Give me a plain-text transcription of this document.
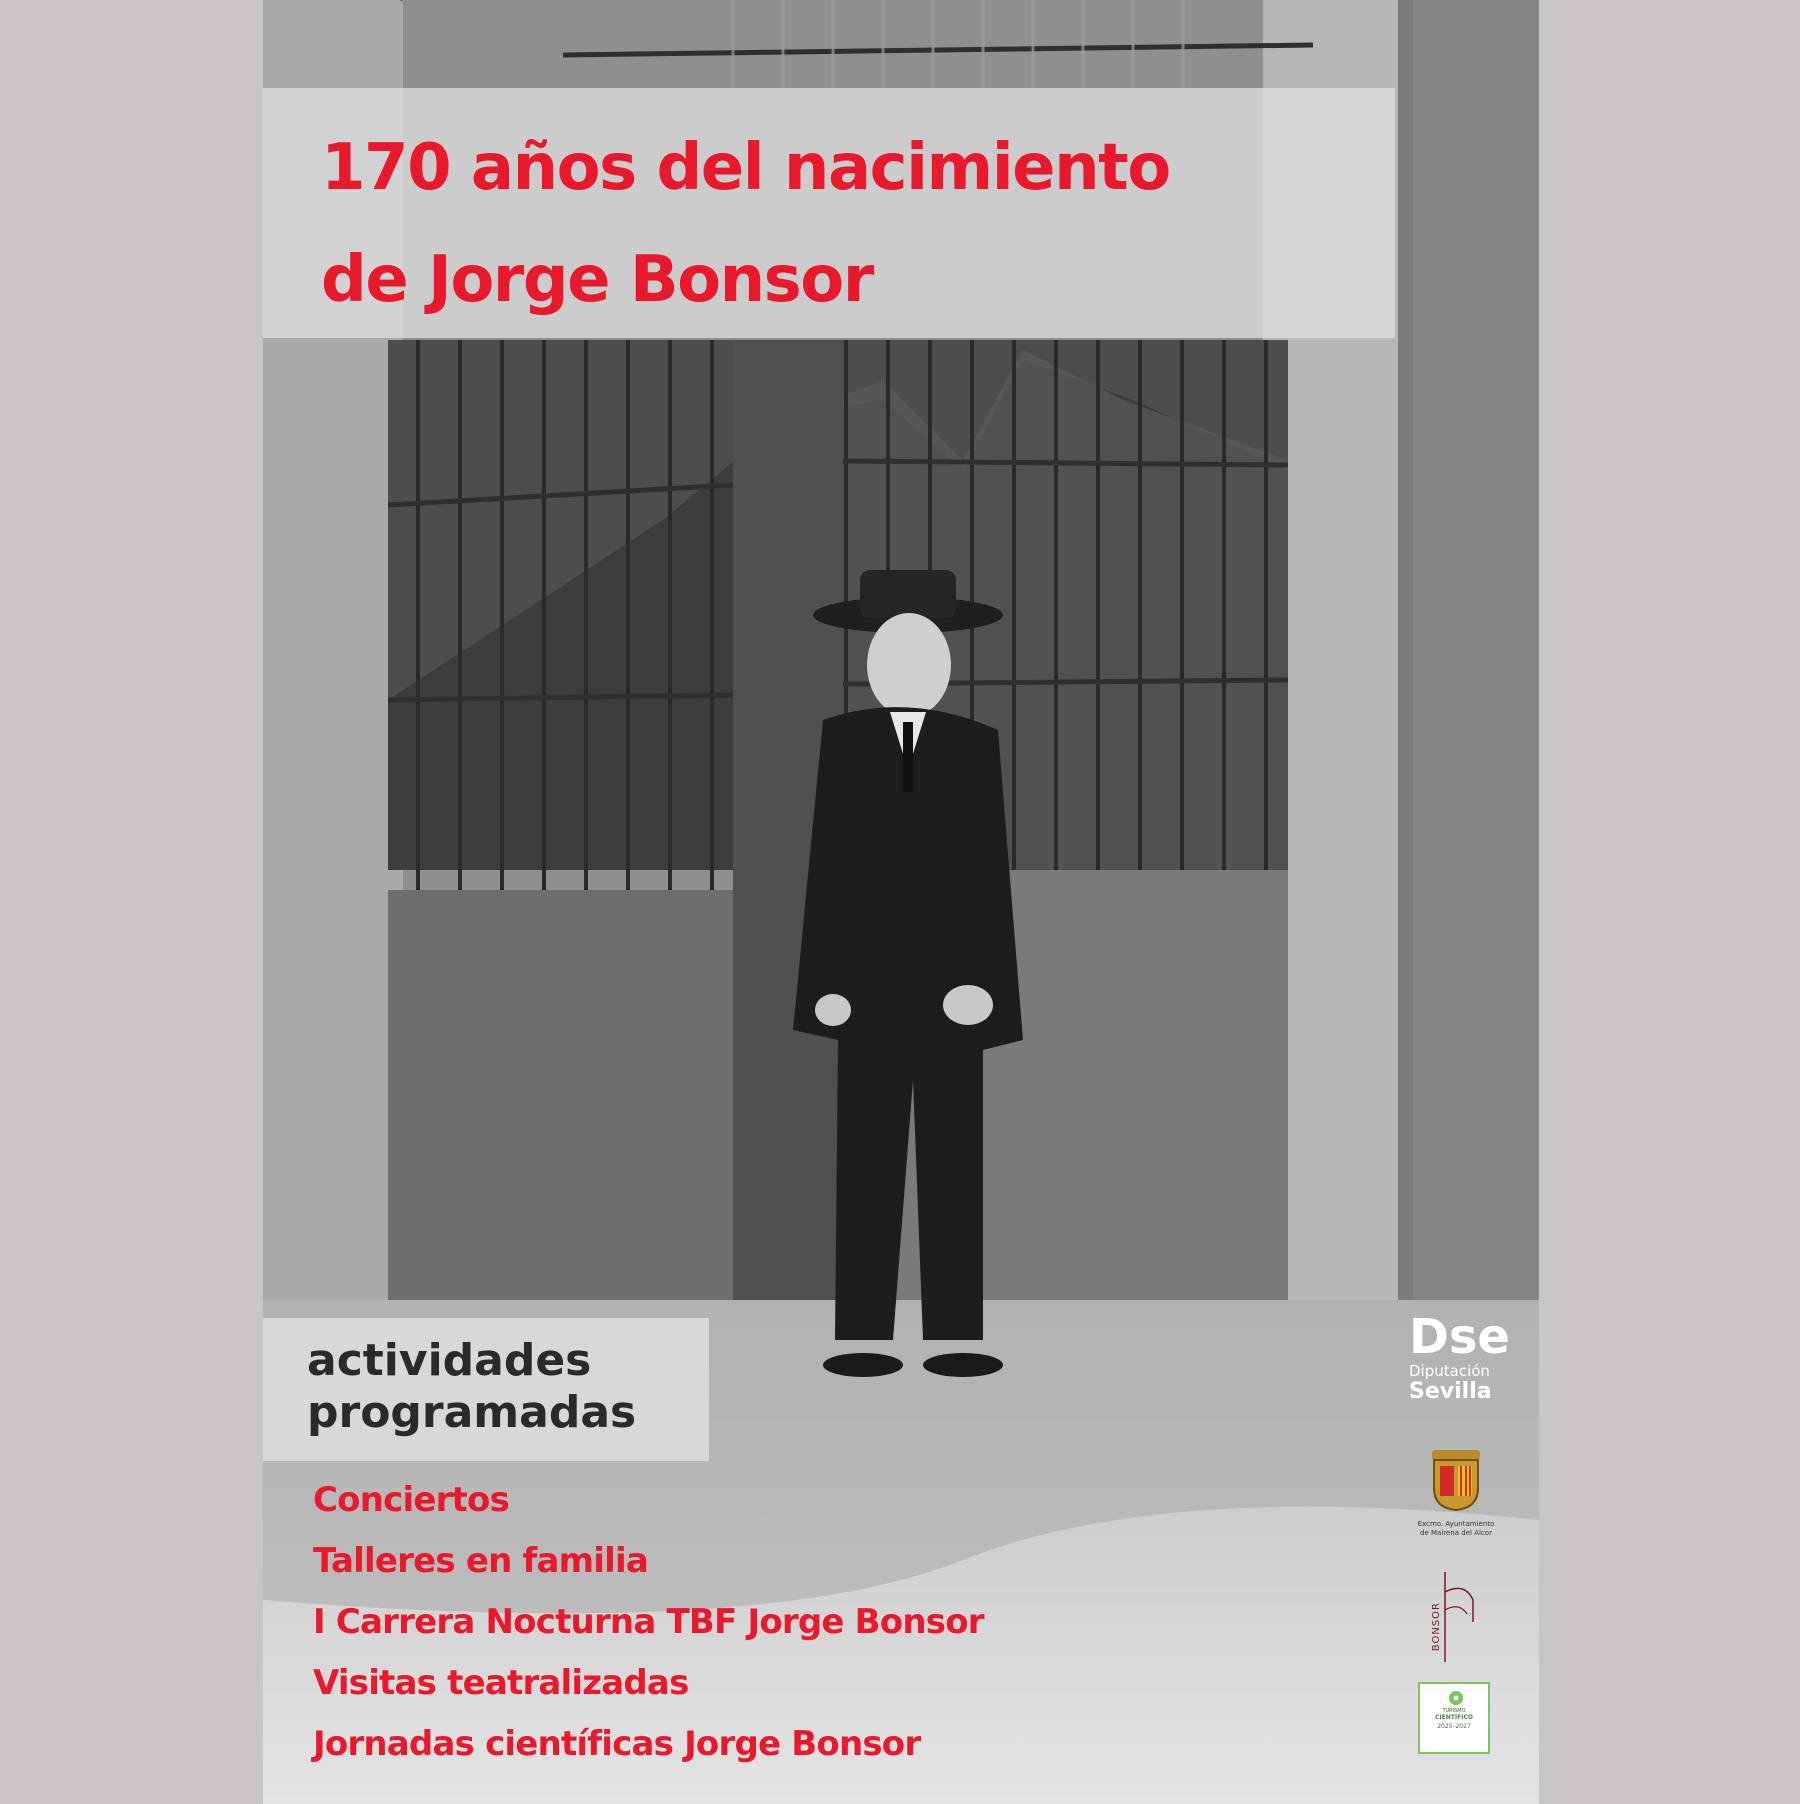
170 años del nacimiento
de Jorge Bonsor
actividades
programadas
Conciertos
Talleres en familia
I Carrera Nocturna TBF Jorge Bonsor
Visitas teatralizadas
Jornadas científicas Jorge Bonsor
Dse
Diputación
Sevilla
Excmo. Ayuntamiento
de Mairena del Alcor
BONSOR
TURISMO
CIENTÍFICO
2025–2027
